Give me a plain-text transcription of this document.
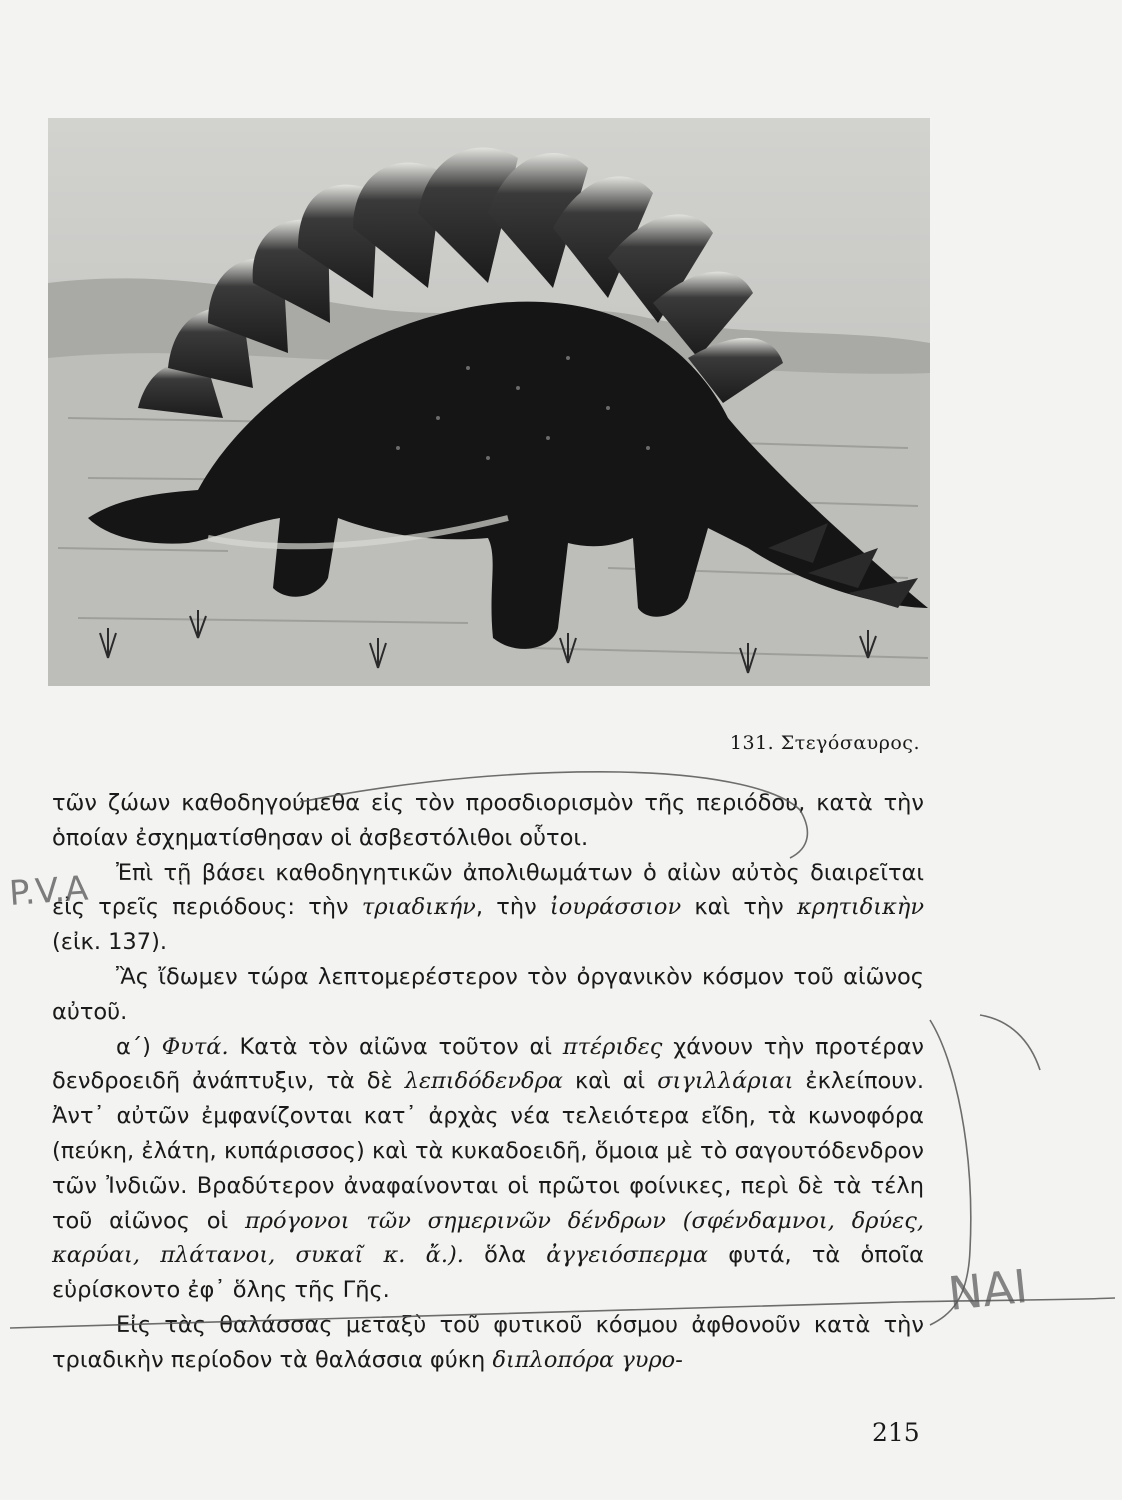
131. Στεγόσαυρος.

τῶν ζώων καθοδηγούμεθα εἰς τὸν προσδιορισμὸν τῆς περιόδου, κατὰ τὴν ὁποίαν ἐσχηματίσθησαν οἱ ἀσβεστόλιθοι οὗτοι.

Ἐπὶ τῇ βάσει καθοδηγητικῶν ἀπολιθωμάτων ὁ αἰὼν αὐτὸς διαιρεῖται εἰς τρεῖς περιόδους: τὴν τριαδικήν, τὴν ἰουράσσιον καὶ τὴν κρητιδικὴν (εἰκ. 137).

Ἂς ἴδωμεν τώρα λεπτομερέστερον τὸν ὀργανικὸν κόσμον τοῦ αἰῶνος αὐτοῦ.

α΄) Φυτά. Κατὰ τὸν αἰῶνα τοῦτον αἱ πτέριδες χάνουν τὴν προτέραν δενδροειδῆ ἀνάπτυξιν, τὰ δὲ λεπιδόδενδρα καὶ αἱ σιγιλλάριαι ἐκλείπουν. Ἀντ᾽ αὐτῶν ἐμφανίζονται κατ᾽ ἀρχὰς νέα τελειότερα εἴδη, τὰ κωνοφόρα (πεύκη, ἐλάτη, κυπάρισσος) καὶ τὰ κυκαδοειδῆ, ὅμοια μὲ τὸ σαγουτόδενδρον τῶν Ἰνδιῶν. Βραδύτερον ἀναφαίνονται οἱ πρῶτοι φοίνικες, περὶ δὲ τὰ τέλη τοῦ αἰῶνος οἱ πρόγονοι τῶν σημερινῶν δένδρων (σφένδαμνοι, δρύες, καρύαι, πλάτανοι, συκαῖ κ. ἄ.). ὅλα ἀγγειόσπερμα φυτά, τὰ ὁποῖα εὑρίσκοντο ἐφ᾽ ὅλης τῆς Γῆς.

Εἰς τὰς θαλάσσας μεταξὺ τοῦ φυτικοῦ κόσμου ἀφθονοῦν κατὰ τὴν τριαδικὴν περίοδον τὰ θαλάσσια φύκη διπλοπόρα γυρο-

215
P.V.A
ΝΑΙ
